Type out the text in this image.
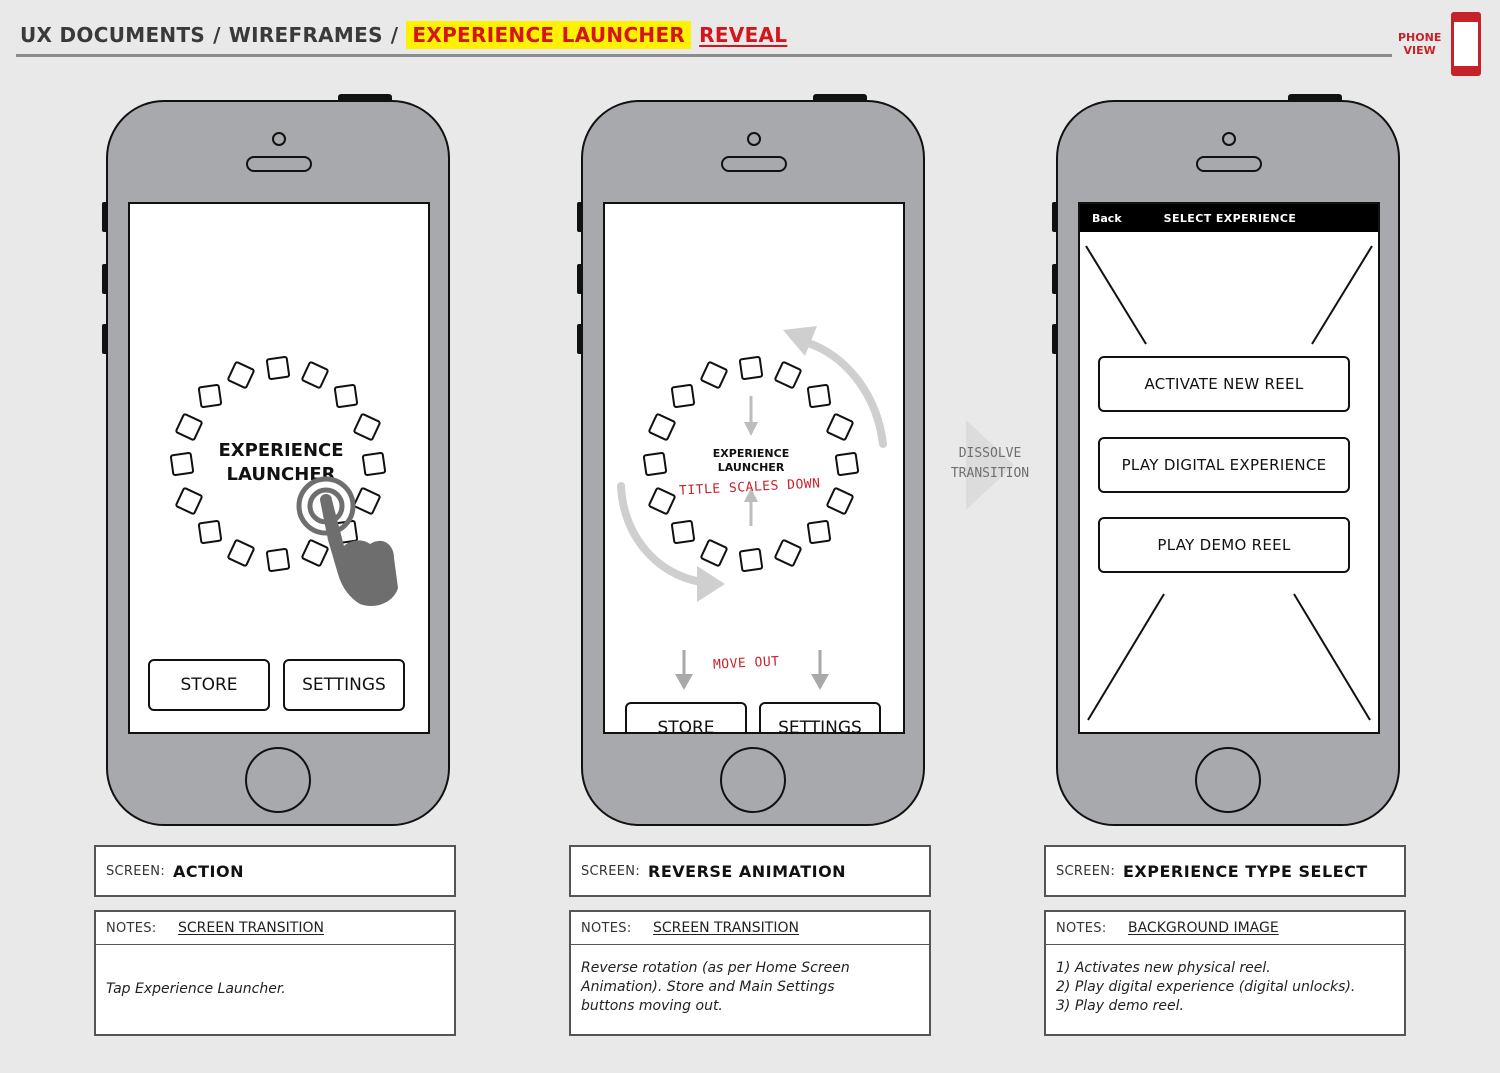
UX DOCUMENTS / WIREFRAMES / EXPERIENCE LAUNCHER REVEAL	PHONE
VIEW
EXPERIENCE
LAUNCHER
STORE	SETTINGS
EXPERIENCE
LAUNCHER
TITLE SCALES DOWN
MOVE OUT
STORE	SETTINGS
DISSOLVE
TRANSITION
Back	SELECT EXPERIENCE
ACTIVATE NEW REEL
PLAY DIGITAL EXPERIENCE
PLAY DEMO REEL
SCREEN: ACTION
NOTES:	SCREEN TRANSITION
Tap Experience Launcher.
SCREEN: REVERSE ANIMATION
NOTES:	SCREEN TRANSITION
Reverse rotation (as per Home Screen
Animation). Store and Main Settings
buttons moving out.
SCREEN: EXPERIENCE TYPE SELECT
NOTES:	BACKGROUND IMAGE
1) Activates new physical reel.
2) Play digital experience (digital unlocks).
3) Play demo reel.
